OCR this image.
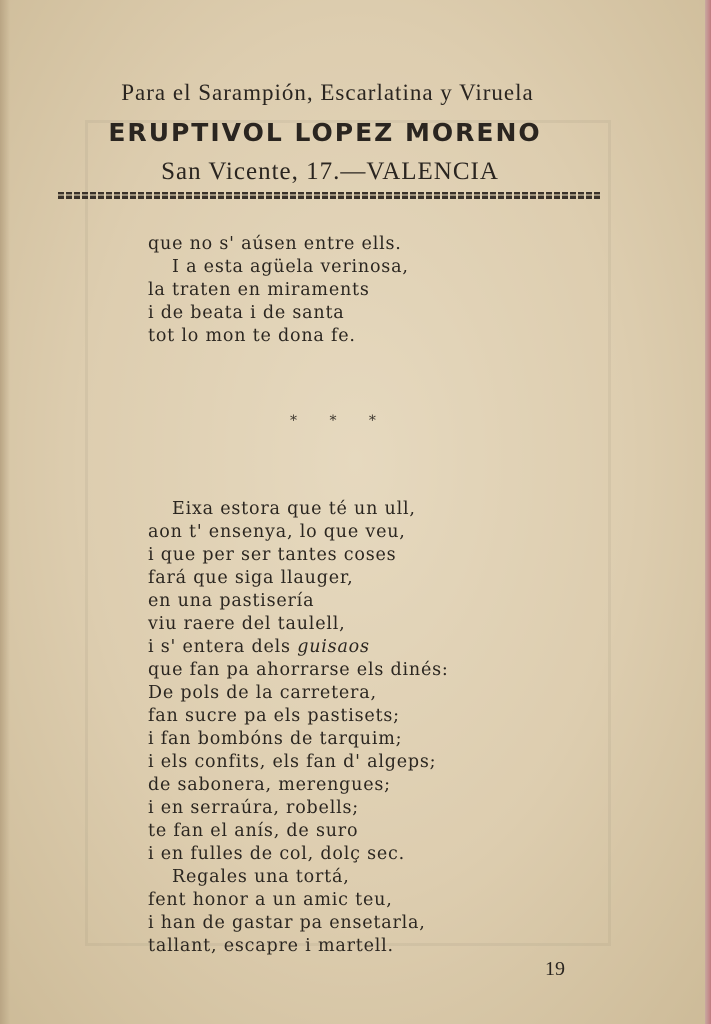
Para el Sarampión, Escarlatina y Viruela
ERUPTIVOL LOPEZ MORENO
San Vicente, 17.—VALENCIA
que no s' aúsen entre ells.
I a esta agüela verinosa,
la traten en miraments
i de beata i de santa
tot lo mon te dona fe.
* * *
Eixa estora que té un ull,
aon t' ensenya, lo que veu,
i que per ser tantes coses
fará que siga llauger,
en una pastisería
viu raere del taulell,
i s' entera dels guisaos
que fan pa ahorrarse els dinés:
De pols de la carretera,
fan sucre pa els pastisets;
i fan bombóns de tarquim;
i els confits, els fan d' algeps;
de sabonera, merengues;
i en serraúra, robells;
te fan el anís, de suro
i en fulles de col, dolç sec.
Regales una tortá,
fent honor a un amic teu,
i han de gastar pa ensetarla,
tallant, escapre i martell.
19
